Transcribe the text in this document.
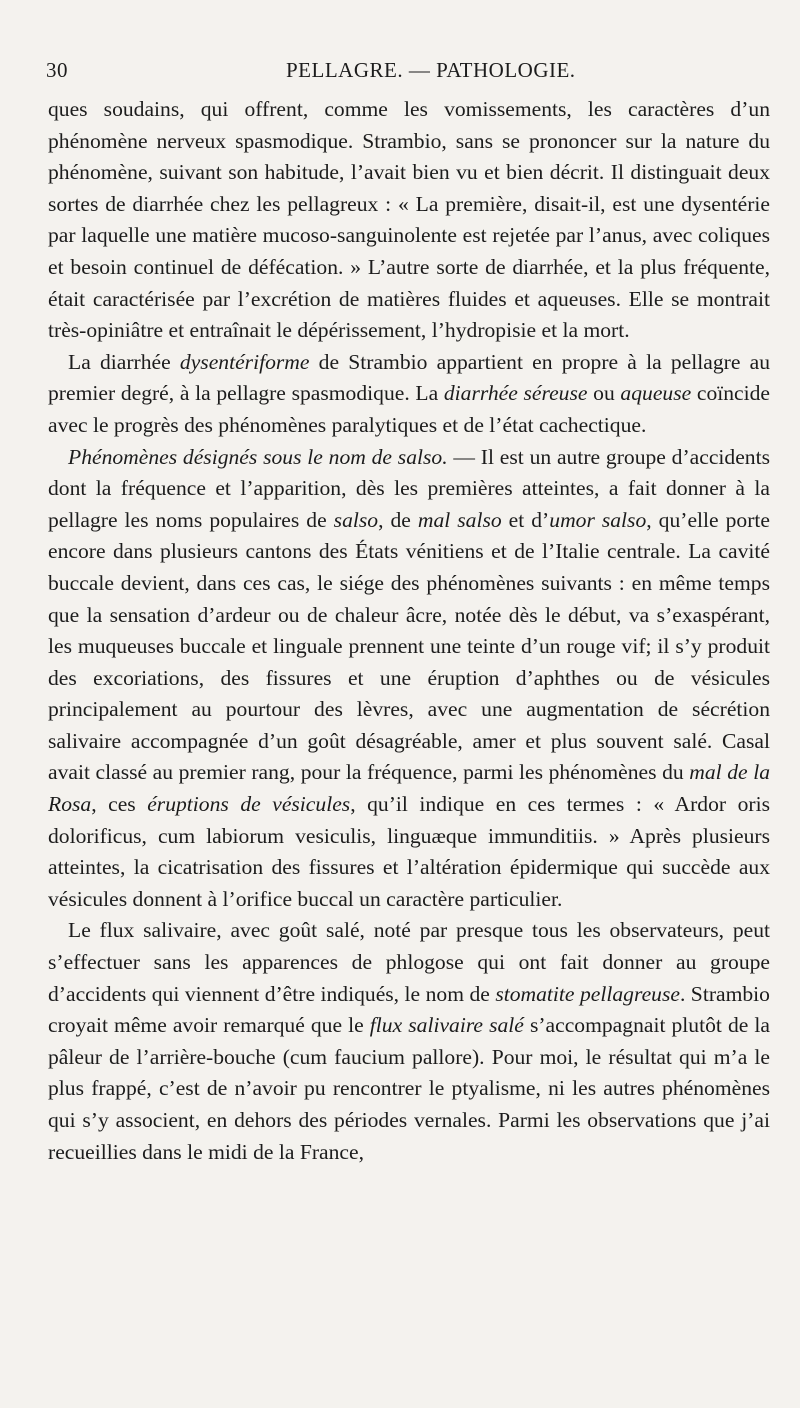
30	PELLAGRE. — PATHOLOGIE.

ques soudains, qui offrent, comme les vomissements, les caractères d’un phénomène nerveux spasmodique. Strambio, sans se prononcer sur la nature du phénomène, suivant son habitude, l’avait bien vu et bien décrit. Il distinguait deux sortes de diarrhée chez les pellagreux : « La première, disait-il, est une dysentérie par laquelle une matière mucoso-sanguinolente est rejetée par l’anus, avec coliques et besoin continuel de défécation. » L’autre sorte de diarrhée, et la plus fréquente, était caractérisée par l’excrétion de matières fluides et aqueuses. Elle se montrait très-opiniâtre et entraînait le dépérissement, l’hydropisie et la mort.

La diarrhée dysentériforme de Strambio appartient en propre à la pellagre au premier degré, à la pellagre spasmodique. La diarrhée séreuse ou aqueuse coïncide avec le progrès des phénomènes paralytiques et de l’état cachectique.

Phénomènes désignés sous le nom de salso. — Il est un autre groupe d’accidents dont la fréquence et l’apparition, dès les premières atteintes, a fait donner à la pellagre les noms populaires de salso, de mal salso et d’umor salso, qu’elle porte encore dans plusieurs cantons des États vénitiens et de l’Italie centrale. La cavité buccale devient, dans ces cas, le siége des phénomènes suivants : en même temps que la sensation d’ardeur ou de chaleur âcre, notée dès le début, va s’exaspérant, les muqueuses buccale et linguale prennent une teinte d’un rouge vif; il s’y produit des excoriations, des fissures et une éruption d’aphthes ou de vésicules principalement au pourtour des lèvres, avec une augmentation de sécrétion salivaire accompagnée d’un goût désagréable, amer et plus souvent salé. Casal avait classé au premier rang, pour la fréquence, parmi les phénomènes du mal de la Rosa, ces éruptions de vésicules, qu’il indique en ces termes : « Ardor oris dolorificus, cum labiorum vesiculis, linguæque immunditiis. » Après plusieurs atteintes, la cicatrisation des fissures et l’altération épidermique qui succède aux vésicules donnent à l’orifice buccal un caractère particulier.

Le flux salivaire, avec goût salé, noté par presque tous les observateurs, peut s’effectuer sans les apparences de phlogose qui ont fait donner au groupe d’accidents qui viennent d’être indiqués, le nom de stomatite pellagreuse. Strambio croyait même avoir remarqué que le flux salivaire salé s’accompagnait plutôt de la pâleur de l’arrière-bouche (cum faucium pallore). Pour moi, le résultat qui m’a le plus frappé, c’est de n’avoir pu rencontrer le ptyalisme, ni les autres phénomènes qui s’y associent, en dehors des périodes vernales. Parmi les observations que j’ai recueillies dans le midi de la France,
